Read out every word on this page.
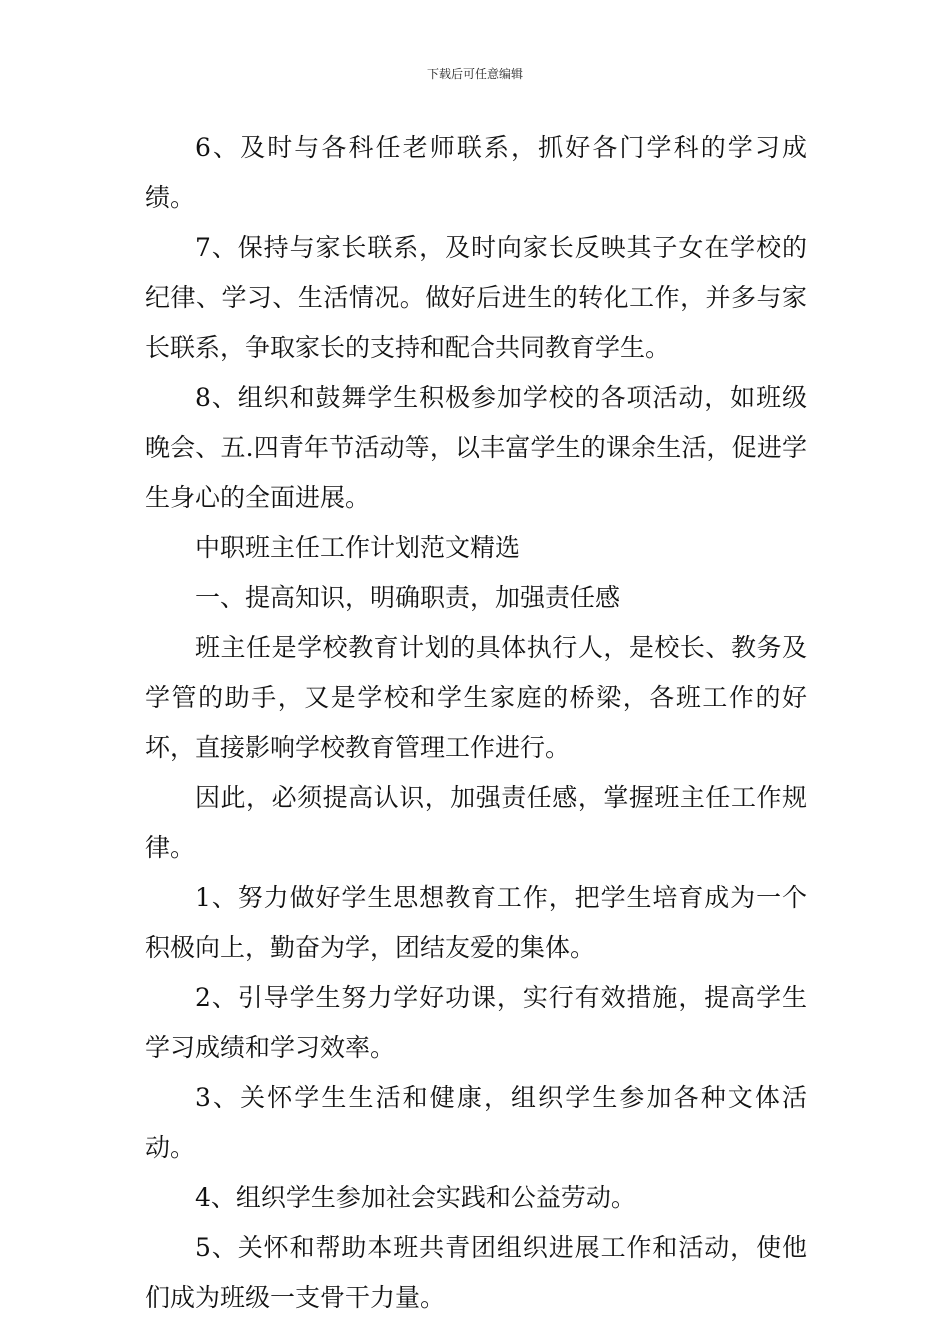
下载后可任意编辑

6、及时与各科任老师联系，抓好各门学科的学习成绩。

7、保持与家长联系，及时向家长反映其子女在学校的纪律、学习、生活情况。做好后进生的转化工作，并多与家长联系，争取家长的支持和配合共同教育学生。

8、组织和鼓舞学生积极参加学校的各项活动，如班级晚会、五.四青年节活动等，以丰富学生的课余生活，促进学生身心的全面进展。

中职班主任工作计划范文精选

一、提高知识，明确职责，加强责任感

班主任是学校教育计划的具体执行人，是校长、教务及学管的助手，又是学校和学生家庭的桥梁，各班工作的好坏，直接影响学校教育管理工作进行。

因此，必须提高认识，加强责任感，掌握班主任工作规律。

1、努力做好学生思想教育工作，把学生培育成为一个积极向上，勤奋为学，团结友爱的集体。

2、引导学生努力学好功课，实行有效措施，提高学生学习成绩和学习效率。

3、关怀学生生活和健康，组织学生参加各种文体活动。

4、组织学生参加社会实践和公益劳动。

5、关怀和帮助本班共青团组织进展工作和活动，使他们成为班级一支骨干力量。
